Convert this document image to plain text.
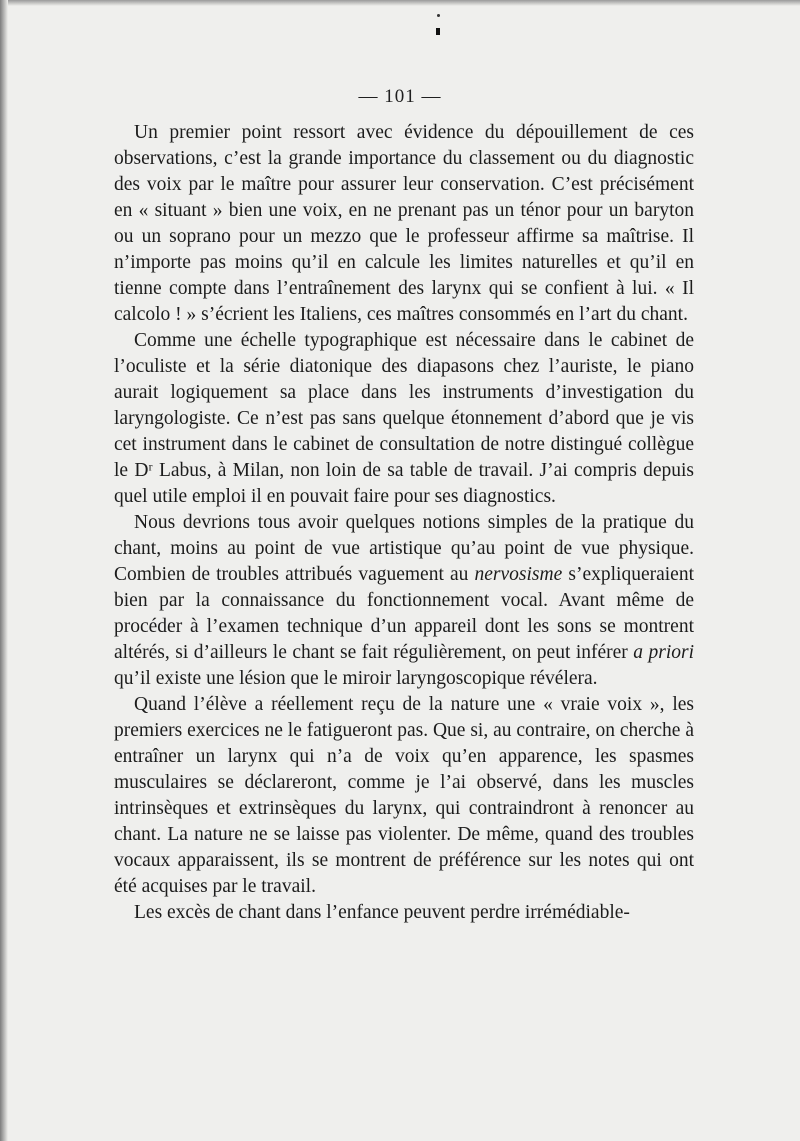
— 101 —

Un premier point ressort avec évidence du dépouillement de ces observations, c’est la grande importance du classement ou du diagnostic des voix par le maître pour assurer leur conservation. C’est précisément en « situant » bien une voix, en ne prenant pas un ténor pour un baryton ou un soprano pour un mezzo que le professeur affirme sa maîtrise. Il n’importe pas moins qu’il en calcule les limites naturelles et qu’il en tienne compte dans l’entraînement des larynx qui se confient à lui. « Il calcolo ! » s’écrient les Italiens, ces maîtres consommés en l’art du chant.

Comme une échelle typographique est nécessaire dans le cabinet de l’oculiste et la série diatonique des diapasons chez l’auriste, le piano aurait logiquement sa place dans les instruments d’investigation du laryngologiste. Ce n’est pas sans quelque étonnement d’abord que je vis cet instrument dans le cabinet de consultation de notre distingué collègue le Dʳ Labus, à Milan, non loin de sa table de travail. J’ai compris depuis quel utile emploi il en pouvait faire pour ses diagnostics.

Nous devrions tous avoir quelques notions simples de la pratique du chant, moins au point de vue artistique qu’au point de vue physique. Combien de troubles attribués vaguement au nervosisme s’expliqueraient bien par la connaissance du fonctionnement vocal. Avant même de procéder à l’examen technique d’un appareil dont les sons se montrent altérés, si d’ailleurs le chant se fait régulièrement, on peut inférer a priori qu’il existe une lésion que le miroir laryngoscopique révélera.

Quand l’élève a réellement reçu de la nature une « vraie voix », les premiers exercices ne le fatigueront pas. Que si, au contraire, on cherche à entraîner un larynx qui n’a de voix qu’en apparence, les spasmes musculaires se déclareront, comme je l’ai observé, dans les muscles intrinsèques et extrinsèques du larynx, qui contraindront à renoncer au chant. La nature ne se laisse pas violenter. De même, quand des troubles vocaux apparaissent, ils se montrent de préférence sur les notes qui ont été acquises par le travail.

Les excès de chant dans l’enfance peuvent perdre irrémédiable-
